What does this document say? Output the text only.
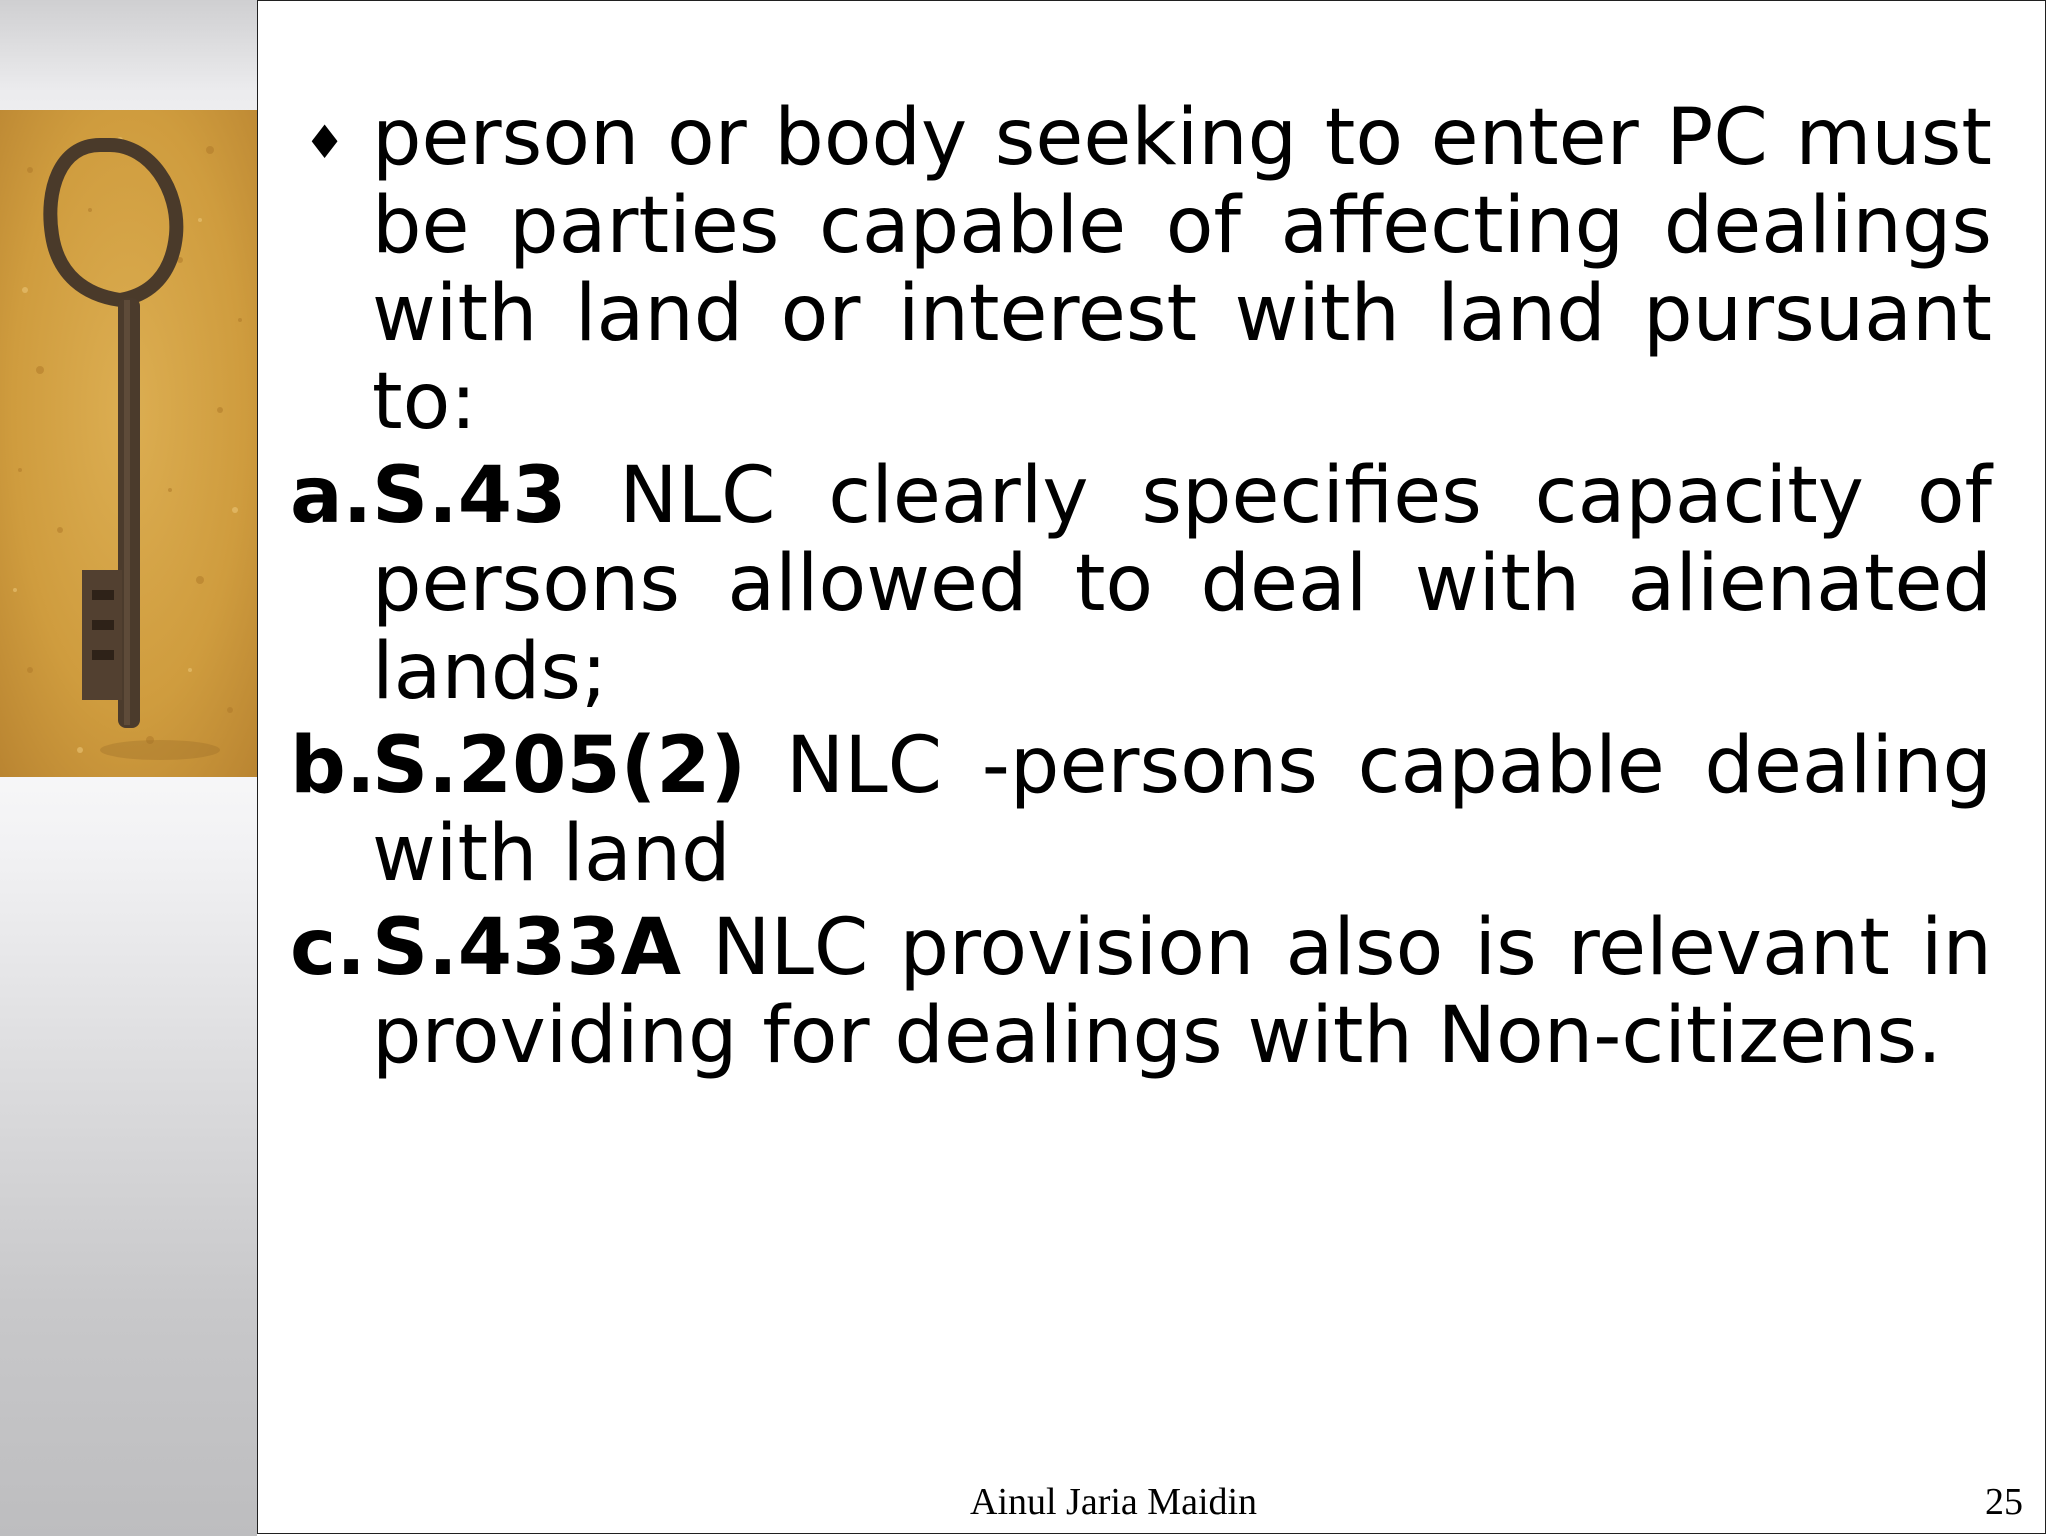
♦ person or body seeking to enter PC must be parties capable of affecting dealings with land or interest with land pursuant to:
a. S.43 NLC clearly specifies capacity of persons allowed to deal with alienated lands;
b.
S.205(2) NLC -persons capable dealing with land
c. S.433A NLC provision also is relevant in providing for dealings with Non-citizens.
Ainul Jaria Maidin	25
